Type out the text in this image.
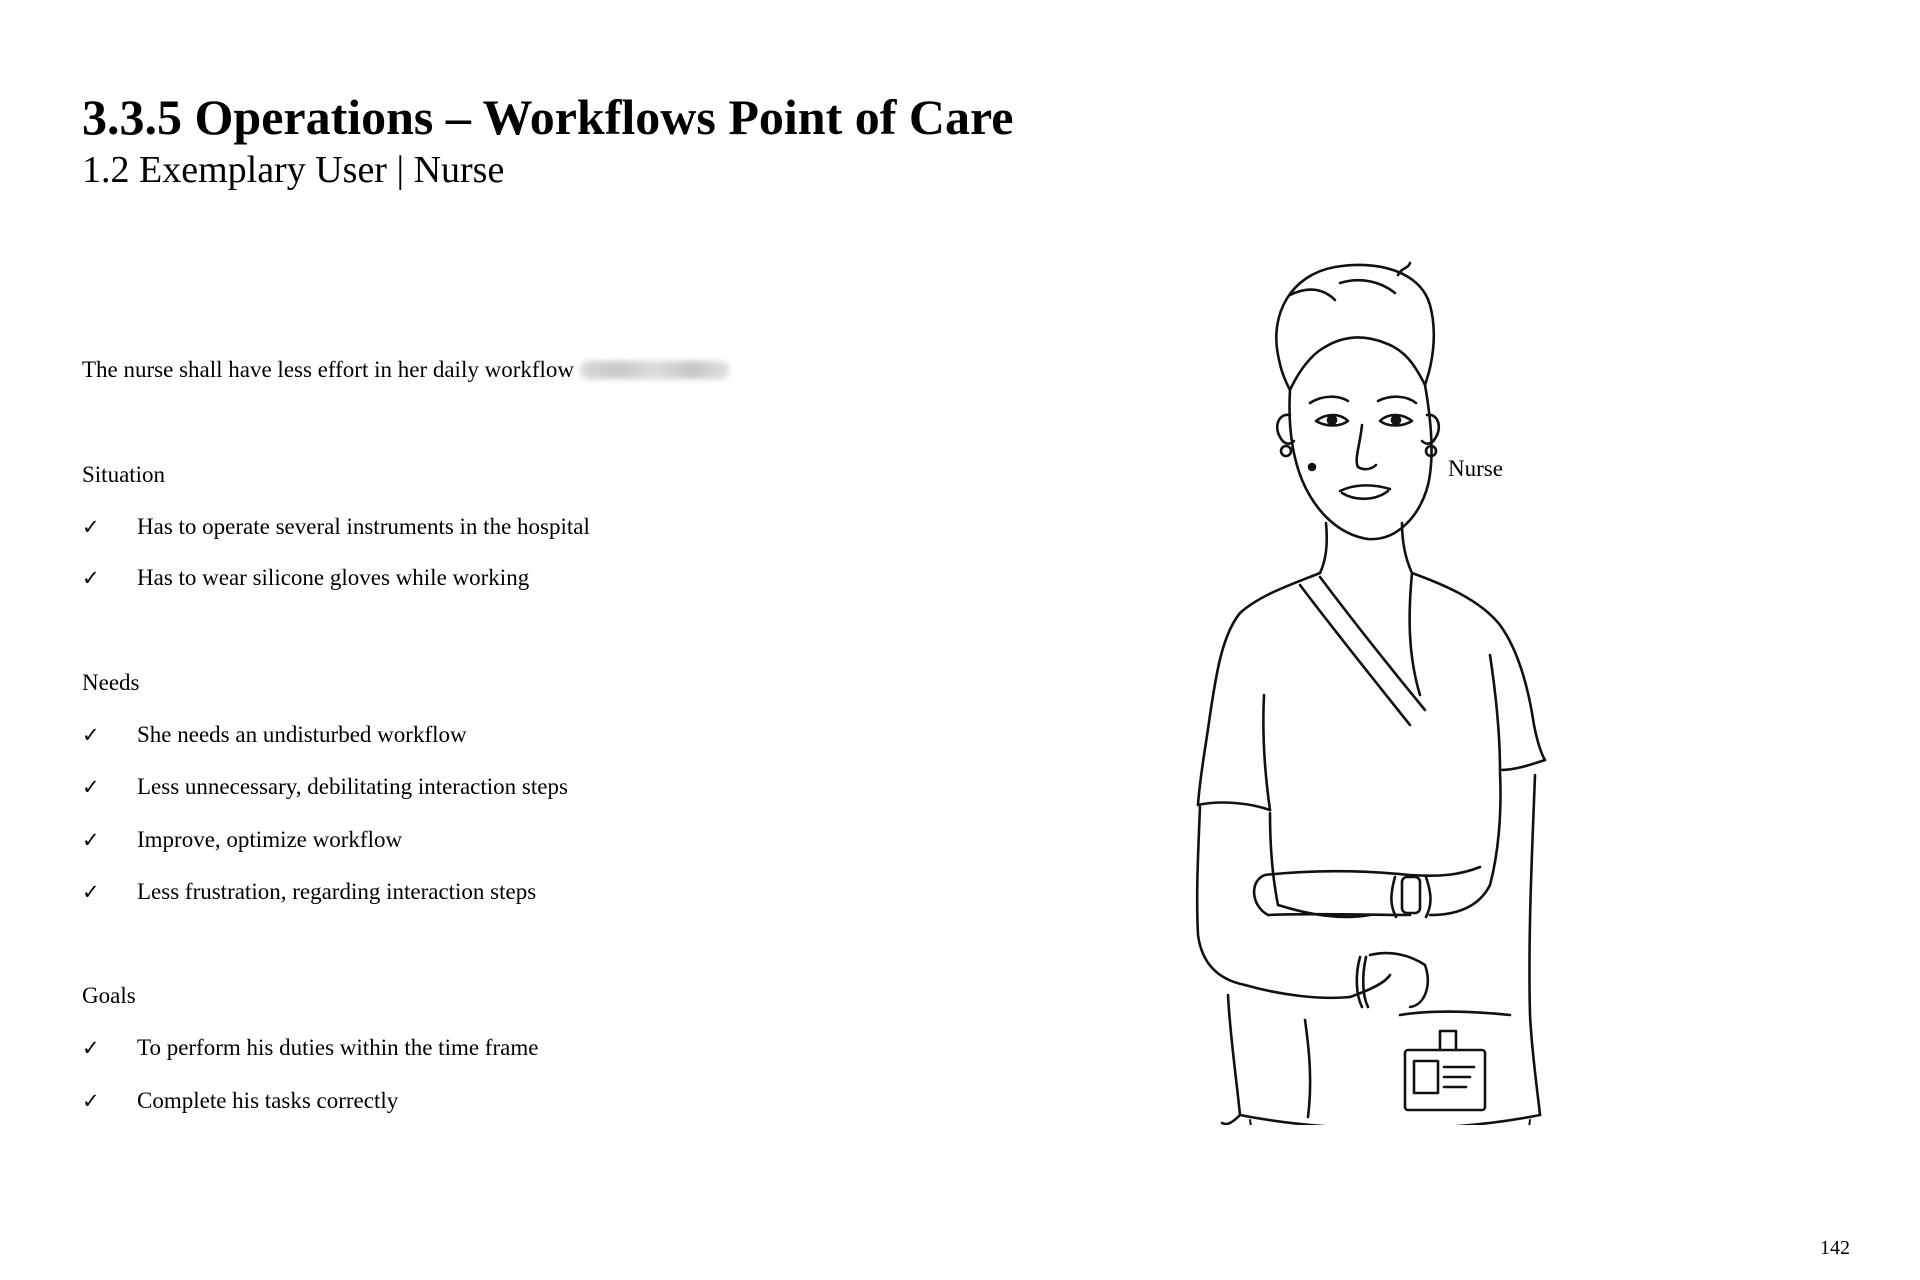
3.3.5 Operations – Workflows Point of Care
1.2 Exemplary User | Nurse
The nurse shall have less effort in her daily workflow
Situation
✓ Has to operate several instruments in the hospital
✓ Has to wear silicone gloves while working
Needs
✓ She needs an undisturbed workflow
✓ Less unnecessary, debilitating interaction steps
✓ Improve, optimize workflow
✓ Less frustration, regarding interaction steps
Goals
✓ To perform his duties within the time frame
✓ Complete his tasks correctly
Nurse
142
